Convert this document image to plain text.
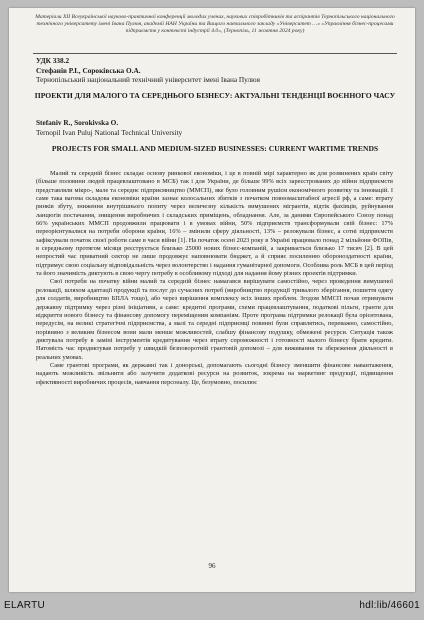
Матеріали XII Всеукраїнської науково-практичної конференції молодих учених, наукових співробітників та аспірантів Тернопільського національного технічного університету імені Івана Пулюя, академії НАН України та Вищого навчального закладу «Університет …» «Управління бізнес-процесами підприємств у контексті індустрії 4.0», (Тернопіль, 11 жовтня 2024 року)
УДК 338.2
Стефанів Р.І., Сороківська О.А.
Тернопільський національний технічний університет імені Івана Пулюя
ПРОЕКТИ ДЛЯ МАЛОГО ТА СЕРЕДНЬОГО БІЗНЕСУ: АКТУАЛЬНІ ТЕНДЕНЦІЇ ВОЄННОГО ЧАСУ
Stefaniv R., Sorokivska O.
Ternopil Ivan Puluj National Technical University
PROJECTS FOR SMALL AND MEDIUM-SIZED BUSINESSES: CURRENT WARTIME TRENDS

Малий та середній бізнес складає основу ринкової економіки, і це в повній мірі характерно як для розвинених країн світу (більше половини людей працевлаштовано в МСБ) так і для України, де більше 99% всіх зареєстрованих до війни підприємств представляли мікро-, мале та середнє підприємництво (ММСП), яке було головним рушієм економічного розвитку та інновацій. І саме така вагома складова економіки країни зазнає колосальних збитків з початком повномасштабної агресії рф, а саме: втрату ринків збуту, зниження внутрішнього попиту через величезну кількість вимушених мігрантів, відтік фахівців, руйнування ланцюгів постачання, знищення виробничих і складських приміщень, обладнання. Але, за даними Європейського Союзу понад 66% українських ММСП продовжили працювати і в умовах війни, 50% підприємств трансформували свій бізнес: 17% переорієнтувалися на потреби оборони країни, 16% – змінили сферу діяльності, 13% – релокували бізнес, а сотні підприємств зафіксували початок своєї роботи саме в часи війни [1]. На початок осені 2023 року в Україні працювало понад 2 мільйони ФОПів, в середньому протягом місяця реєструється близько 25000 нових бізнес-компаній, а закривається близько 17 тисяч [2]. В цей непростий час приватний сектор не лише продовжує наповнювати бюджет, а й сприяє посиленню обороноздатності країни, підтримує свою соціальну відповідальність через волонтерство і надання гуманітарної допомоги. Особлива роль МСБ в цей період та його значимість диктують в свою чергу потребу в особливому підході для надання йому різних проектів підтримки.

Свої потреби на початку війни малий та середній бізнес намагався вирішувати самостійно, через проведення вимушеної релокації, шляхом адаптації продукції та послуг до сучасних потреб (виробництво продукції тривалого зберігання, пошиття одягу для солдатів, виробництво БПЛА тощо), або через вирішення комплексу всіх інших проблем. Згодом ММСП почав отримувати державну підтримку через різні ініціативи, а саме: кредитні програми, схеми працевлаштування, податкові пільги, гранти для відкриття нового бізнесу та фінансову допомогу переміщеним компаніям. Проте програма підтримки релокації була орієнтована, передусім, на великі стратегічні підприємства, а малі та середні підприємці повинні були справлятись, переважно, самостійно, порівняно з великим бізнесом вони мали менше можливостей, слабшу фінансову подушку, обмежені ресурси. Ситуація також диктувала потребу в заміні інструментів кредитування через втрату спроможності і готовності малого бізнесу брати кредити. Натомість час продиктував потребу у швидкій безповоротній грантовій допомозі – для виживання та збереження діяльності в реальних умовах.

Саме грантові програми, як державні так і донорські, допомагають сьогодні бізнесу зменшити фінансове навантаження, надають можливість звільнити або залучити додаткові ресурси на розвиток, зокрема на маркетинг продукції, підвищення ефективності виробничих процесів, навчання персоналу. Це, безумовно, посилює

96
ELARTU	hdl:lib/46601
